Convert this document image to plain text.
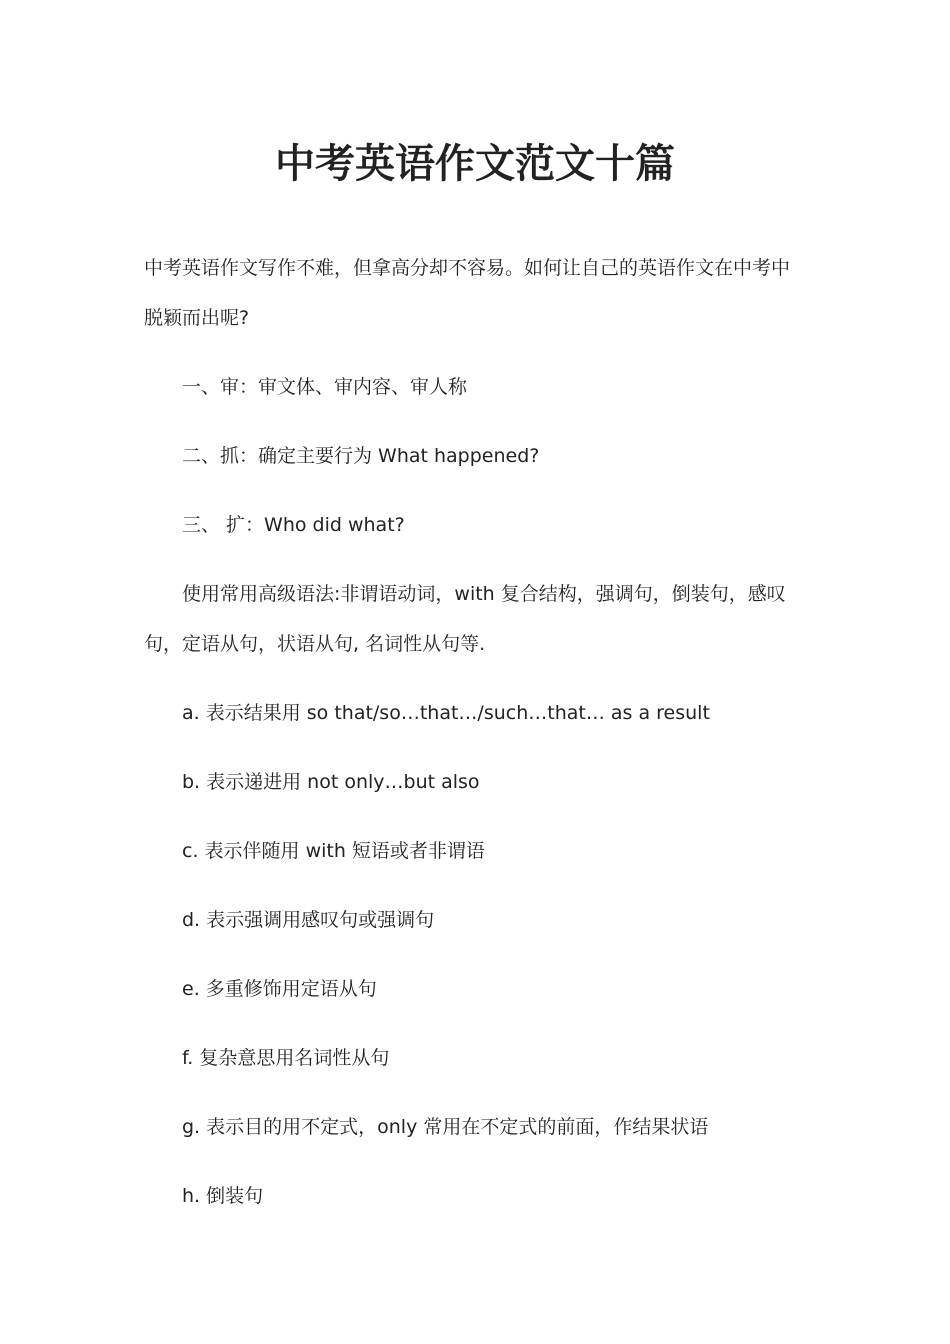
中考英语作文范文十篇

中考英语作文写作不难，但拿高分却不容易。如何让自己的英语作文在中考中脱颖而出呢?

一、审：审文体、审内容、审人称

二、抓：确定主要行为 What happened?

三、 扩：Who did what?

使用常用高级语法:非谓语动词，with 复合结构，强调句，倒装句，感叹句，定语从句，状语从句, 名词性从句等.

a. 表示结果用 so that/so…that…/such…that… as a result

b. 表示递进用 not only…but also

c. 表示伴随用 with 短语或者非谓语

d. 表示强调用感叹句或强调句

e. 多重修饰用定语从句

f. 复杂意思用名词性从句

g. 表示目的用不定式，only 常用在不定式的前面，作结果状语

h. 倒装句
